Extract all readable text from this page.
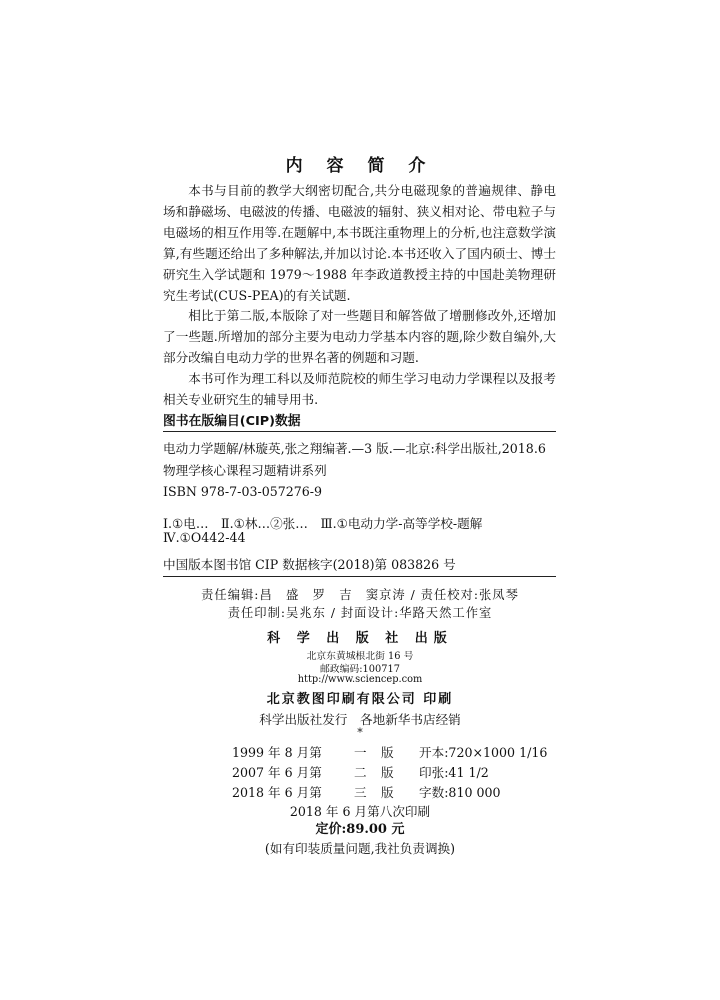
内 容 简 介

本书与目前的教学大纲密切配合,共分电磁现象的普遍规律、静电场和静磁场、电磁波的传播、电磁波的辐射、狭义相对论、带电粒子与电磁场的相互作用等.在题解中,本书既注重物理上的分析,也注意数学演算,有些题还给出了多种解法,并加以讨论.本书还收入了国内硕士、博士研究生入学试题和 1979～1988 年李政道教授主持的中国赴美物理研究生考试(CUS-PEA)的有关试题.

相比于第二版,本版除了对一些题目和解答做了增删修改外,还增加了一些题.所增加的部分主要为电动力学基本内容的题,除少数自编外,大部分改编自电动力学的世界名著的例题和习题.

本书可作为理工科以及师范院校的师生学习电动力学课程以及报考相关专业研究生的辅导用书.

图书在版编目(CIP)数据
电动力学题解/林璇英,张之翔编著.—3 版.—北京:科学出版社,2018.6
物理学核心课程习题精讲系列
ISBN 978-7-03-057276-9
Ⅰ.①电…　Ⅱ.①林…②张…　Ⅲ.①电动力学-高等学校-题解
Ⅳ.①O442-44
中国版本图书馆 CIP 数据核字(2018)第 083826 号
责任编辑:昌　盛　罗　吉　窦京涛 / 责任校对:张凤琴
责任印制:吴兆东 / 封面设计:华路天然工作室
科 学 出 版 社 出版
北京东黄城根北街 16 号
邮政编码:100717
http://www.sciencep.com
北京教图印刷有限公司 印刷
科学出版社发行　各地新华书店经销
*
1999 年 8 月第	一 版 开本:720×1000 1/16
2007 年 6 月第	二 版 印张:41 1/2
2018 年 6 月第	三 版 字数:810 000
2018 年 6 月第八次印刷
定价:89.00 元
(如有印装质量问题,我社负责调换)
